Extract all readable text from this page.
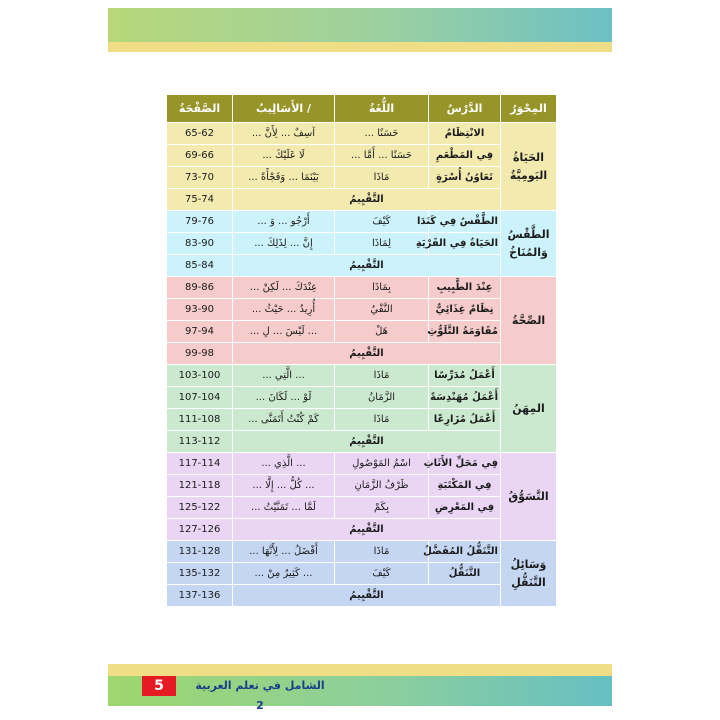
المِحْوَرُ	الدَّرْسُ	اللُّغَةُ	/ الأَسَالِيبُ	الصَّفْحَةُ
الحَيَاةُ اليَومِيَّةُ	الانْتِظَامُ	حَسَنًا ...	آسِفٌ ... لِأَنَّ ...	65-62
	فِي المَطْعَمِ	حَسَنًا ... أَمَّا ...	لَا عَلَيْكَ ...	69-66
	تَعَاوُنُ أُسْرَةٍ	مَاذَا	بَيْنَمَا ... وَفَجْأَةً ...	73-70
	التَّقْيِيمُ			75-74
الطَّقْسُ وَالمُنَاخُ	الطَّقْسُ فِي كَنَدَا	كَيْفَ	أَرْجُو ... وَ ...	79-76
	الحَيَاةُ فِي القَرْيَةِ	لِمَاذَا	إِنَّ ... لِذَلِكَ ...	83-90
	التَّقْيِيمُ			85-84
الصِّحَّةُ	عِنْدَ الطَّبِيبِ	بِمَاذَا	عِنْدَكَ ... لَكِنْ ...	89-86
	نِظَامٌ غِذَائِيٌّ	النَّفْيُ	أُرِيدُ ... حَيْثُ ...	93-90
	مُقَاوَمَةُ التَّلَوُّثِ	هَلْ	... لَيْسَ ... لِ ...	97-94
	التَّقْيِيمُ			99-98
المِهَنُ	أَعْمَلُ مُدَرِّسًا	مَاذَا	... الَّتِي ...	103-100
	أَعْمَلُ مُهَنْدِسَةً	الزَّمَانُ	لَوْ ... لَكَانَ ...	107-104
	أَعْمَلُ مُزَارِعًا	مَاذَا	كَمْ كُنْتُ أَتَمَنَّى ...	111-108
	التَّقْيِيمُ			113-112
التَّسَوُّقُ	فِي مَحَلِّ الأَثَاثِ	اسْمُ المَوْصُولِ	... الَّذِي ...	117-114
	فِي المَكْتَبَةِ	ظَرْفُ الزَّمَانِ	... كُلُّ ... إِلَّا ...	121-118
	فِي المَعْرِضِ	بِكَمْ	لَمَّا ... تَمَنَّيْتُ ...	125-122
	التَّقْيِيمُ			127-126
وَسَائِلُ التَّنَقُّلِ	التَّنَقُّلُ المُفَضَّلُ	مَاذَا	أَفْضَلُ ... لِأَنَّهَا ...	131-128
	التَّنَقُّلُ	كَيْفَ	... كَثِيرٌ مِنْ ...	135-132
	التَّقْيِيمُ			137-136
5	الشامل في تعلم العربية 2
